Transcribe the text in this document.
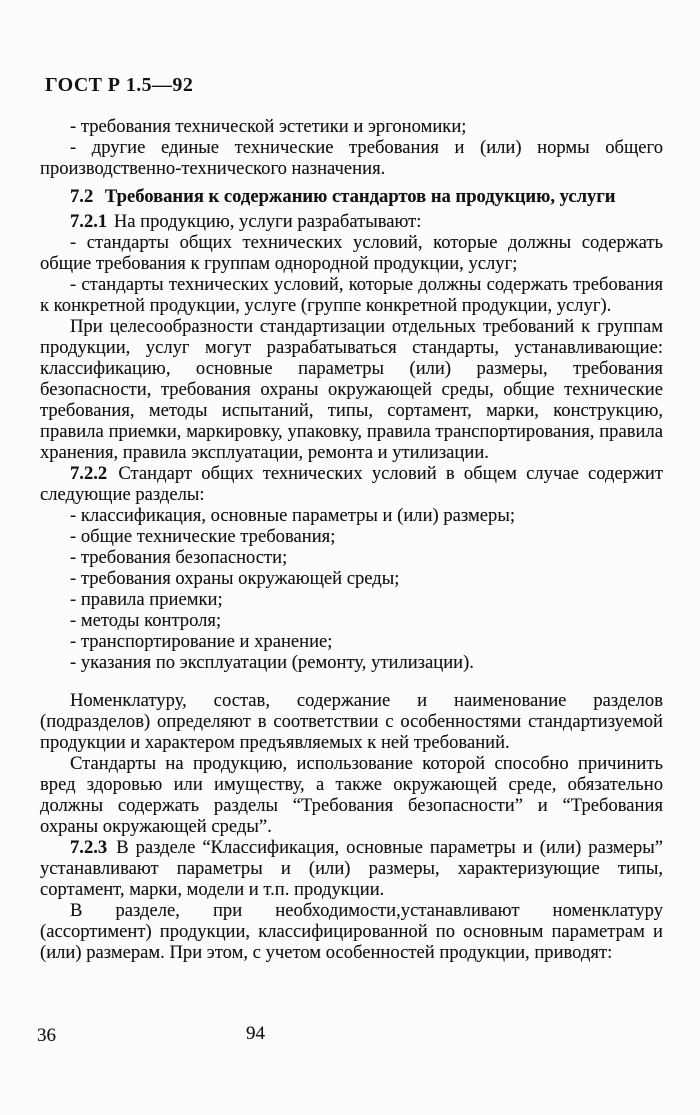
ГОСТ Р 1.5—92

- требования технической эстетики и эргономики;

- другие единые технические требования и (или) нормы общего производственно-технического назначения.

7.2 Требования к содержанию стандартов на продукцию, услуги

7.2.1 На продукцию, услуги разрабатывают:

- стандарты общих технических условий, которые должны содержать общие требования к группам однородной продукции, услуг;

- стандарты технических условий, которые должны содержать требования к конкретной продукции, услуге (группе конкретной продукции, услуг).

При целесообразности стандартизации отдельных требований к группам продукции, услуг могут разрабатываться стандарты, устанавливающие: классификацию, основные параметры (или) размеры, требования безопасности, требования охраны окружающей среды, общие технические требования, методы испытаний, типы, сортамент, марки, конструкцию, правила приемки, маркировку, упаковку, правила транспортирования, правила хранения, правила эксплуатации, ремонта и утилизации.

7.2.2 Стандарт общих технических условий в общем случае содержит следующие разделы:

- классификация, основные параметры и (или) размеры;

- общие технические требования;

- требования безопасности;

- требования охраны окружающей среды;

- правила приемки;

- методы контроля;

- транспортирование и хранение;

- указания по эксплуатации (ремонту, утилизации).

Номенклатуру, состав, содержание и наименование разделов (подразделов) определяют в соответствии с особенностями стандартизуемой продукции и характером предъявляемых к ней требований.

Стандарты на продукцию, использование которой способно причинить вред здоровью или имуществу, а также окружающей среде, обязательно должны содержать разделы “Требования безопасности” и “Требования охраны окружающей среды”.

7.2.3 В разделе “Классификация, основные параметры и (или) размеры” устанавливают параметры и (или) размеры, характеризующие типы, сортамент, марки, модели и т.п. продукции.

В разделе, при необходимости,устанавливают номенклатуру (ассортимент) продукции, классифицированной по основным параметрам и (или) размерам. При этом, с учетом особенностей продукции, приводят:

36	94
